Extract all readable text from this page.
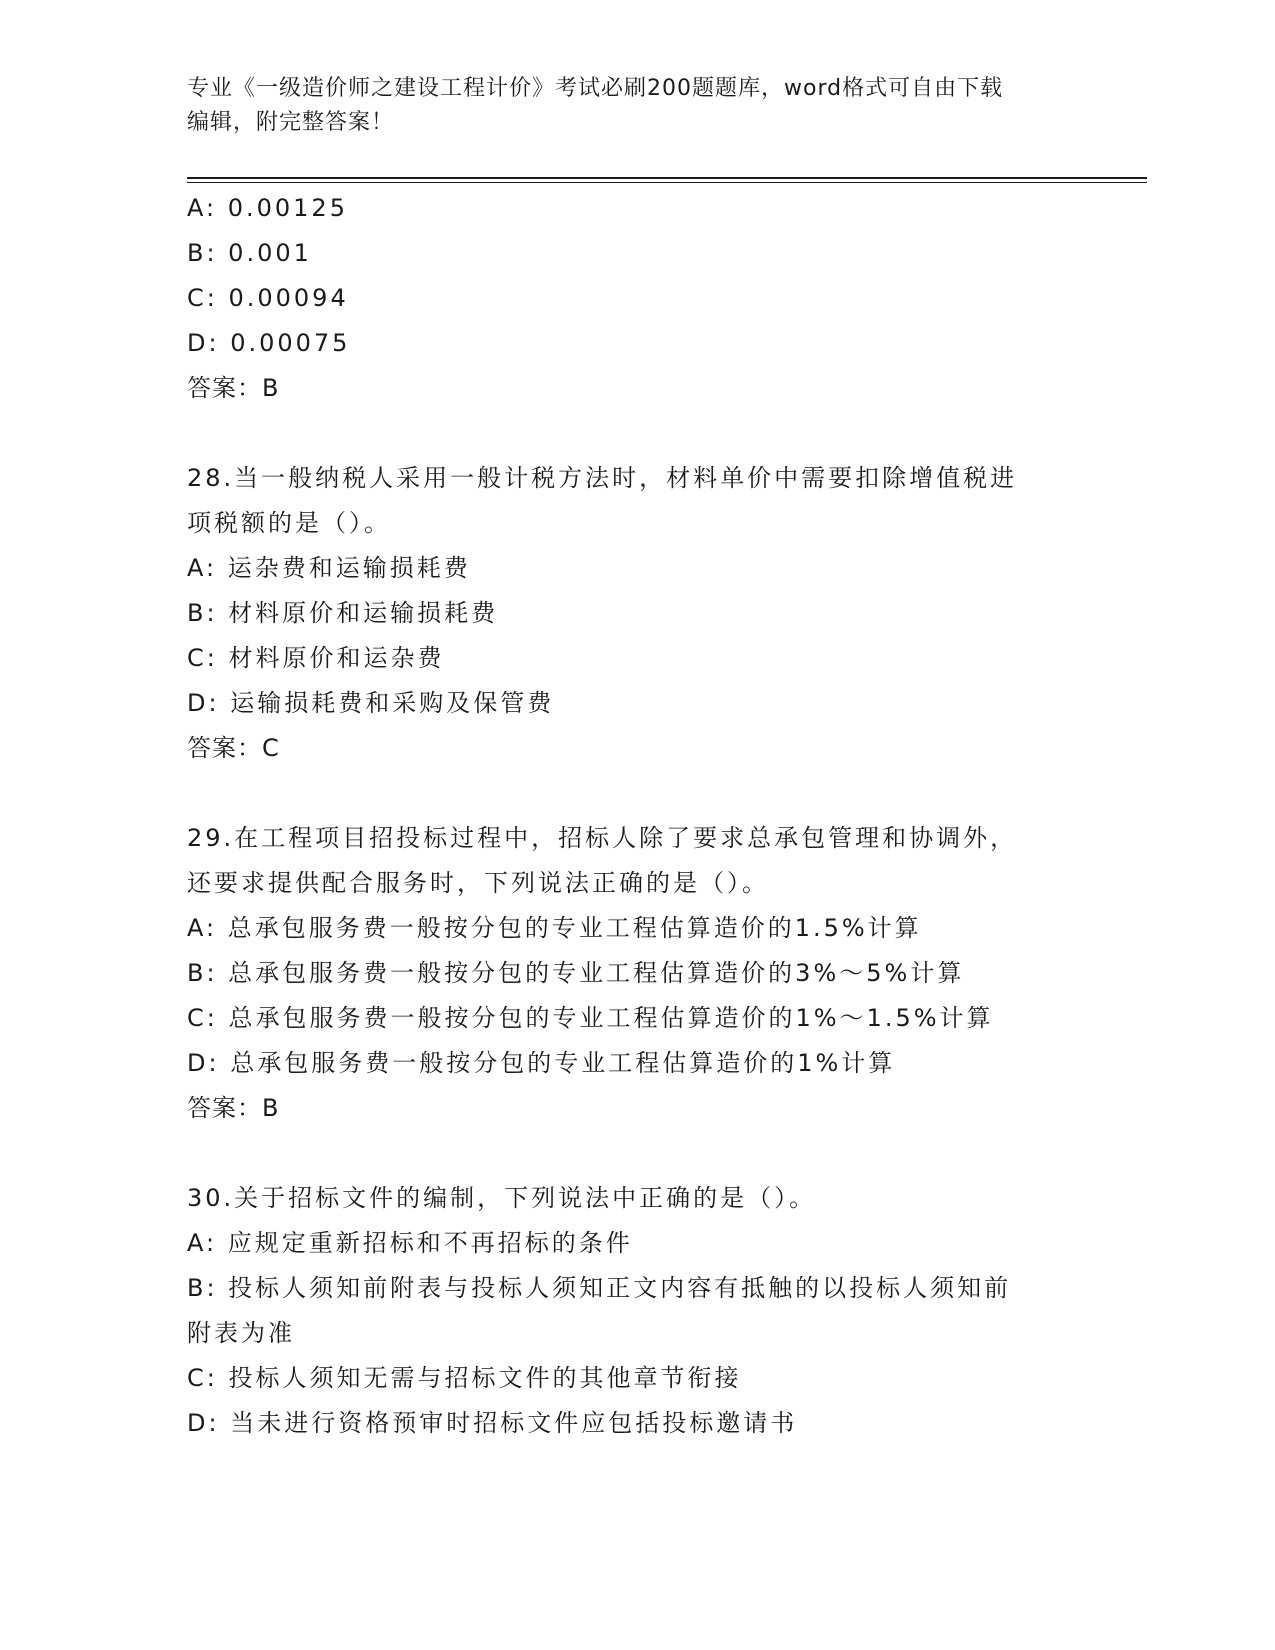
专业《一级造价师之建设工程计价》考试必刷200题题库，word格式可自由下载
编辑，附完整答案！
A: 0.00125
B: 0.001
C: 0.00094
D: 0.00075
答案：B
28.当一般纳税人采用一般计税方法时，材料单价中需要扣除增值税进
项税额的是（）。
A: 运杂费和运输损耗费
B: 材料原价和运输损耗费
C: 材料原价和运杂费
D: 运输损耗费和采购及保管费
答案：C
29.在工程项目招投标过程中，招标人除了要求总承包管理和协调外，
还要求提供配合服务时，下列说法正确的是（）。
A: 总承包服务费一般按分包的专业工程估算造价的1.5%计算
B: 总承包服务费一般按分包的专业工程估算造价的3%～5%计算
C: 总承包服务费一般按分包的专业工程估算造价的1%～1.5%计算
D: 总承包服务费一般按分包的专业工程估算造价的1%计算
答案：B
30.关于招标文件的编制，下列说法中正确的是（）。
A: 应规定重新招标和不再招标的条件
B: 投标人须知前附表与投标人须知正文内容有抵触的以投标人须知前
附表为准
C: 投标人须知无需与招标文件的其他章节衔接
D: 当未进行资格预审时招标文件应包括投标邀请书
